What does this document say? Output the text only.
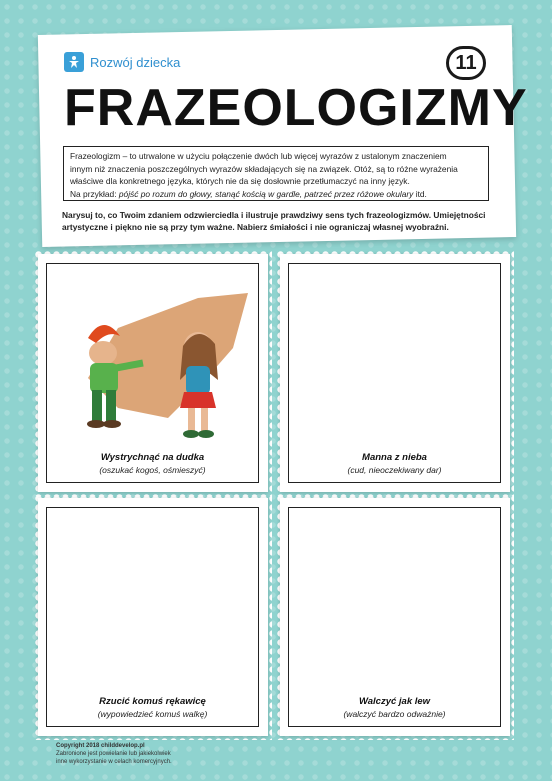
Rozwój dziecka	11
FRAZEOLOGIZMY
Frazeologizm – to utrwalone w użyciu połączenie dwóch lub więcej wyrazów z ustalonym znaczeniem
innym niż znaczenia poszczególnych wyrazów składających się na związek. Otóż, są to różne wyrażenia
właściwe dla konkretnego języka, których nie da się dosłownie przetłumaczyć na inny język.
Na przykład: pójść po rozum do głowy, stanąć kością w gardle, patrzeć przez różowe okulary itd.
Narysuj to, co Twoim zdaniem odzwierciedla i ilustruje prawdziwy sens tych frazeologizmów. Umiejętności artystyczne i piękno nie są przy tym ważne. Nabierz śmiałości i nie ograniczaj własnej wyobraźni.
Wystrychnąć na dudka
(oszukać kogoś, ośmieszyć)
Manna z nieba
(cud, nieoczekiwany dar)
Rzucić komuś rękawicę
(wypowiedzieć komuś walkę)
Walczyć jak lew
(walczyć bardzo odważnie)
Copyright 2018 childdevelop.pl
Zabronione jest powielanie lub jakiekolwiek
inne wykorzystanie w celach komercyjnych.
